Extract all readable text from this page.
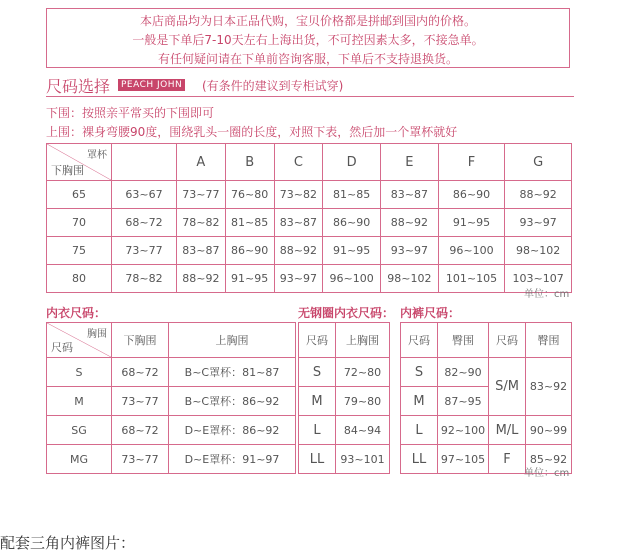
本店商品均为日本正品代购，宝贝价格都是拼邮到国内的价格。
一般是下单后7-10天左右上海出货，不可控因素太多，不接急单。
有任何疑问请在下单前咨询客服，下单后不支持退换货。
尺码选择	PEACH JOHN (有条件的建议到专柜试穿)
下围：按照亲平常买的下围即可
上围：裸身弯腰90度，围绕乳头一圈的长度，对照下表，然后加一个罩杯就好
罩杯
下胸围		A	B	C	D	E	F	G
65	63~67	73~77	76~80	73~82	81~85	83~87	86~90	88~92
70	68~72	78~82	81~85	83~87	86~90	88~92	91~95	93~97
75	73~77	83~87	86~90	88~92	91~95	93~97	96~100	98~102
80	78~82	88~92	91~95	93~97	96~100	98~102	101~105	103~107
单位：cm
内衣尺码：	无钢圈内衣尺码： 内裤尺码：
胸围
尺码	下胸围	上胸围
S	68~72	B~C罩杯：81~87
M	73~77	B~C罩杯：86~92
SG	68~72	D~E罩杯：86~92
MG	73~77	D~E罩杯：91~97
尺码	上胸围
S	72~80
M	79~80
L	84~94
LL	93~101
尺码	臀围	尺码	臀围
S	82~90	S/M	83~92
M	87~95		
L	92~100	M/L	90~99
LL	97~105	F	85~92
单位：cm
配套三角内裤图片：
